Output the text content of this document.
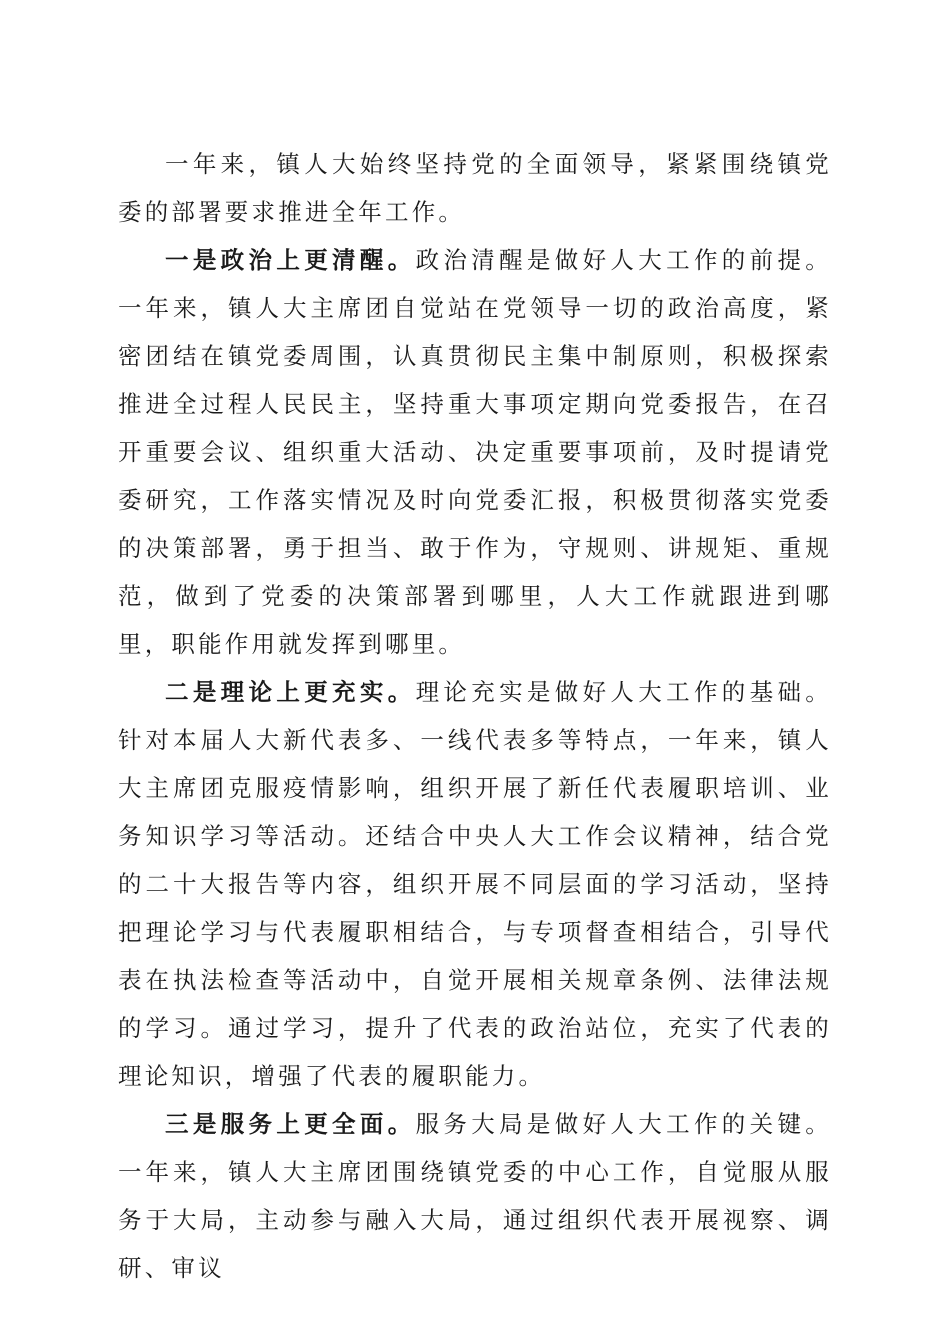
一年来，镇人大始终坚持党的全面领导，紧紧围绕镇党委的部署要求推进全年工作。

一是政治上更清醒。政治清醒是做好人大工作的前提。一年来，镇人大主席团自觉站在党领导一切的政治高度，紧密团结在镇党委周围，认真贯彻民主集中制原则，积极探索推进全过程人民民主，坚持重大事项定期向党委报告，在召开重要会议、组织重大活动、决定重要事项前，及时提请党委研究，工作落实情况及时向党委汇报，积极贯彻落实党委的决策部署，勇于担当、敢于作为，守规则、讲规矩、重规范，做到了党委的决策部署到哪里，人大工作就跟进到哪里，职能作用就发挥到哪里。

二是理论上更充实。理论充实是做好人大工作的基础。针对本届人大新代表多、一线代表多等特点，一年来，镇人大主席团克服疫情影响，组织开展了新任代表履职培训、业务知识学习等活动。还结合中央人大工作会议精神，结合党的二十大报告等内容，组织开展不同层面的学习活动，坚持把理论学习与代表履职相结合，与专项督查相结合，引导代表在执法检查等活动中，自觉开展相关规章条例、法律法规的学习。通过学习，提升了代表的政治站位，充实了代表的理论知识，增强了代表的履职能力。

三是服务上更全面。服务大局是做好人大工作的关键。一年来，镇人大主席团围绕镇党委的中心工作，自觉服从服务于大局，主动参与融入大局，通过组织代表开展视察、调研、审议
